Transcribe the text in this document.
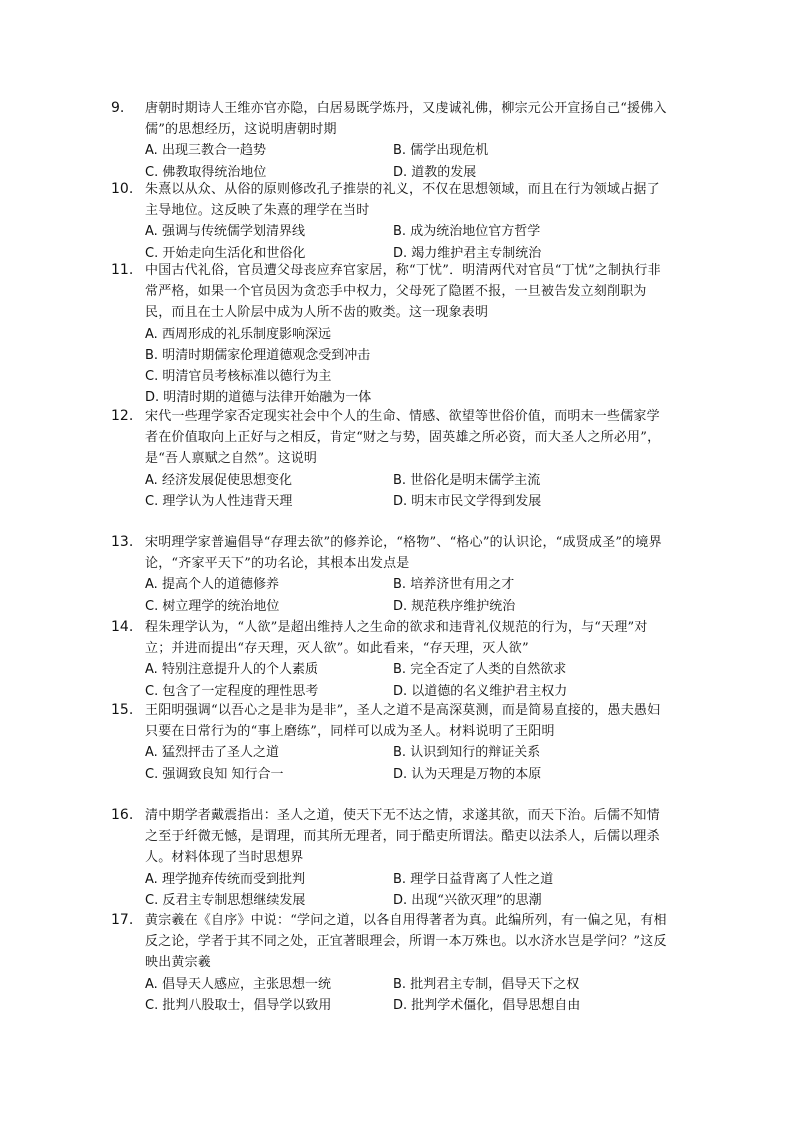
9.	唐朝时期诗人王维亦官亦隐，白居易既学炼丹，又虔诚礼佛，柳宗元公开宣扬自己“援佛入儒”的思想经历，这说明唐朝时期
A. 出现三教合一趋势	B. 儒学出现危机
C. 佛教取得统治地位	D. 道教的发展
10. 朱熹以从众、从俗的原则修改孔子推崇的礼义，不仅在思想领域，而且在行为领域占据了主导地位。这反映了朱熹的理学在当时
A. 强调与传统儒学划清界线	B. 成为统治地位官方哲学
C. 开始走向生活化和世俗化	D. 竭力维护君主专制统治
11. 中国古代礼俗，官员遭父母丧应弃官家居，称“丁忧”．明清两代对官员“丁忧”之制执行非常严格，如果一个官员因为贪恋手中权力，父母死了隐匿不报，一旦被告发立刻削职为民，而且在士人阶层中成为人所不齿的败类。这一现象表明
A. 西周形成的礼乐制度影响深远
B. 明清时期儒家伦理道德观念受到冲击
C. 明清官员考核标准以德行为主
D. 明清时期的道德与法律开始融为一体
12. 宋代一些理学家否定现实社会中个人的生命、情感、欲望等世俗价值，而明末一些儒家学者在价值取向上正好与之相反，肯定“财之与势，固英雄之所必资，而大圣人之所必用”，是“吾人禀赋之自然”。这说明
A. 经济发展促使思想变化	B. 世俗化是明末儒学主流
C. 理学认为人性违背天理	D. 明末市民文学得到发展
13. 宋明理学家普遍倡导“存理去欲”的修养论，“格物”、“格心”的认识论，“成贤成圣”的境界论，“齐家平天下”的功名论，其根本出发点是
A. 提高个人的道德修养	B. 培养济世有用之才
C. 树立理学的统治地位	D. 规范秩序维护统治
14. 程朱理学认为，“人欲”是超出维持人之生命的欲求和违背礼仪规范的行为，与“天理”对立；并进而提出“存天理，灭人欲”。如此看来，“存天理，灭人欲”
A. 特别注意提升人的个人素质	B. 完全否定了人类的自然欲求
C. 包含了一定程度的理性思考	D. 以道德的名义维护君主权力
15. 王阳明强调“以吾心之是非为是非”，圣人之道不是高深莫测，而是简易直接的，愚夫愚妇只要在日常行为的“事上磨练”，同样可以成为圣人。材料说明了王阳明
A. 猛烈抨击了圣人之道	B. 认识到知行的辩证关系
C. 强调致良知 知行合一	D. 认为天理是万物的本原
16. 清中期学者戴震指出：圣人之道，使天下无不达之情，求遂其欲，而天下治。后儒不知情之至于纤微无憾，是谓理，而其所无理者，同于酷吏所谓法。酷吏以法杀人，后儒以理杀人。材料体现了当时思想界
A. 理学抛弃传统而受到批判	B. 理学日益背离了人性之道
C. 反君主专制思想继续发展	D. 出现“兴欲灭理”的思潮
17. 黄宗羲在《自序》中说：“学问之道，以各自用得著者为真。此编所列，有一偏之见，有相反之论，学者于其不同之处，正宜著眼理会，所谓一本万殊也。以水济水岂是学问？”这反映出黄宗羲
A. 倡导天人感应，主张思想一统	B. 批判君主专制，倡导天下之权
C. 批判八股取士，倡导学以致用	D. 批判学术僵化，倡导思想自由
